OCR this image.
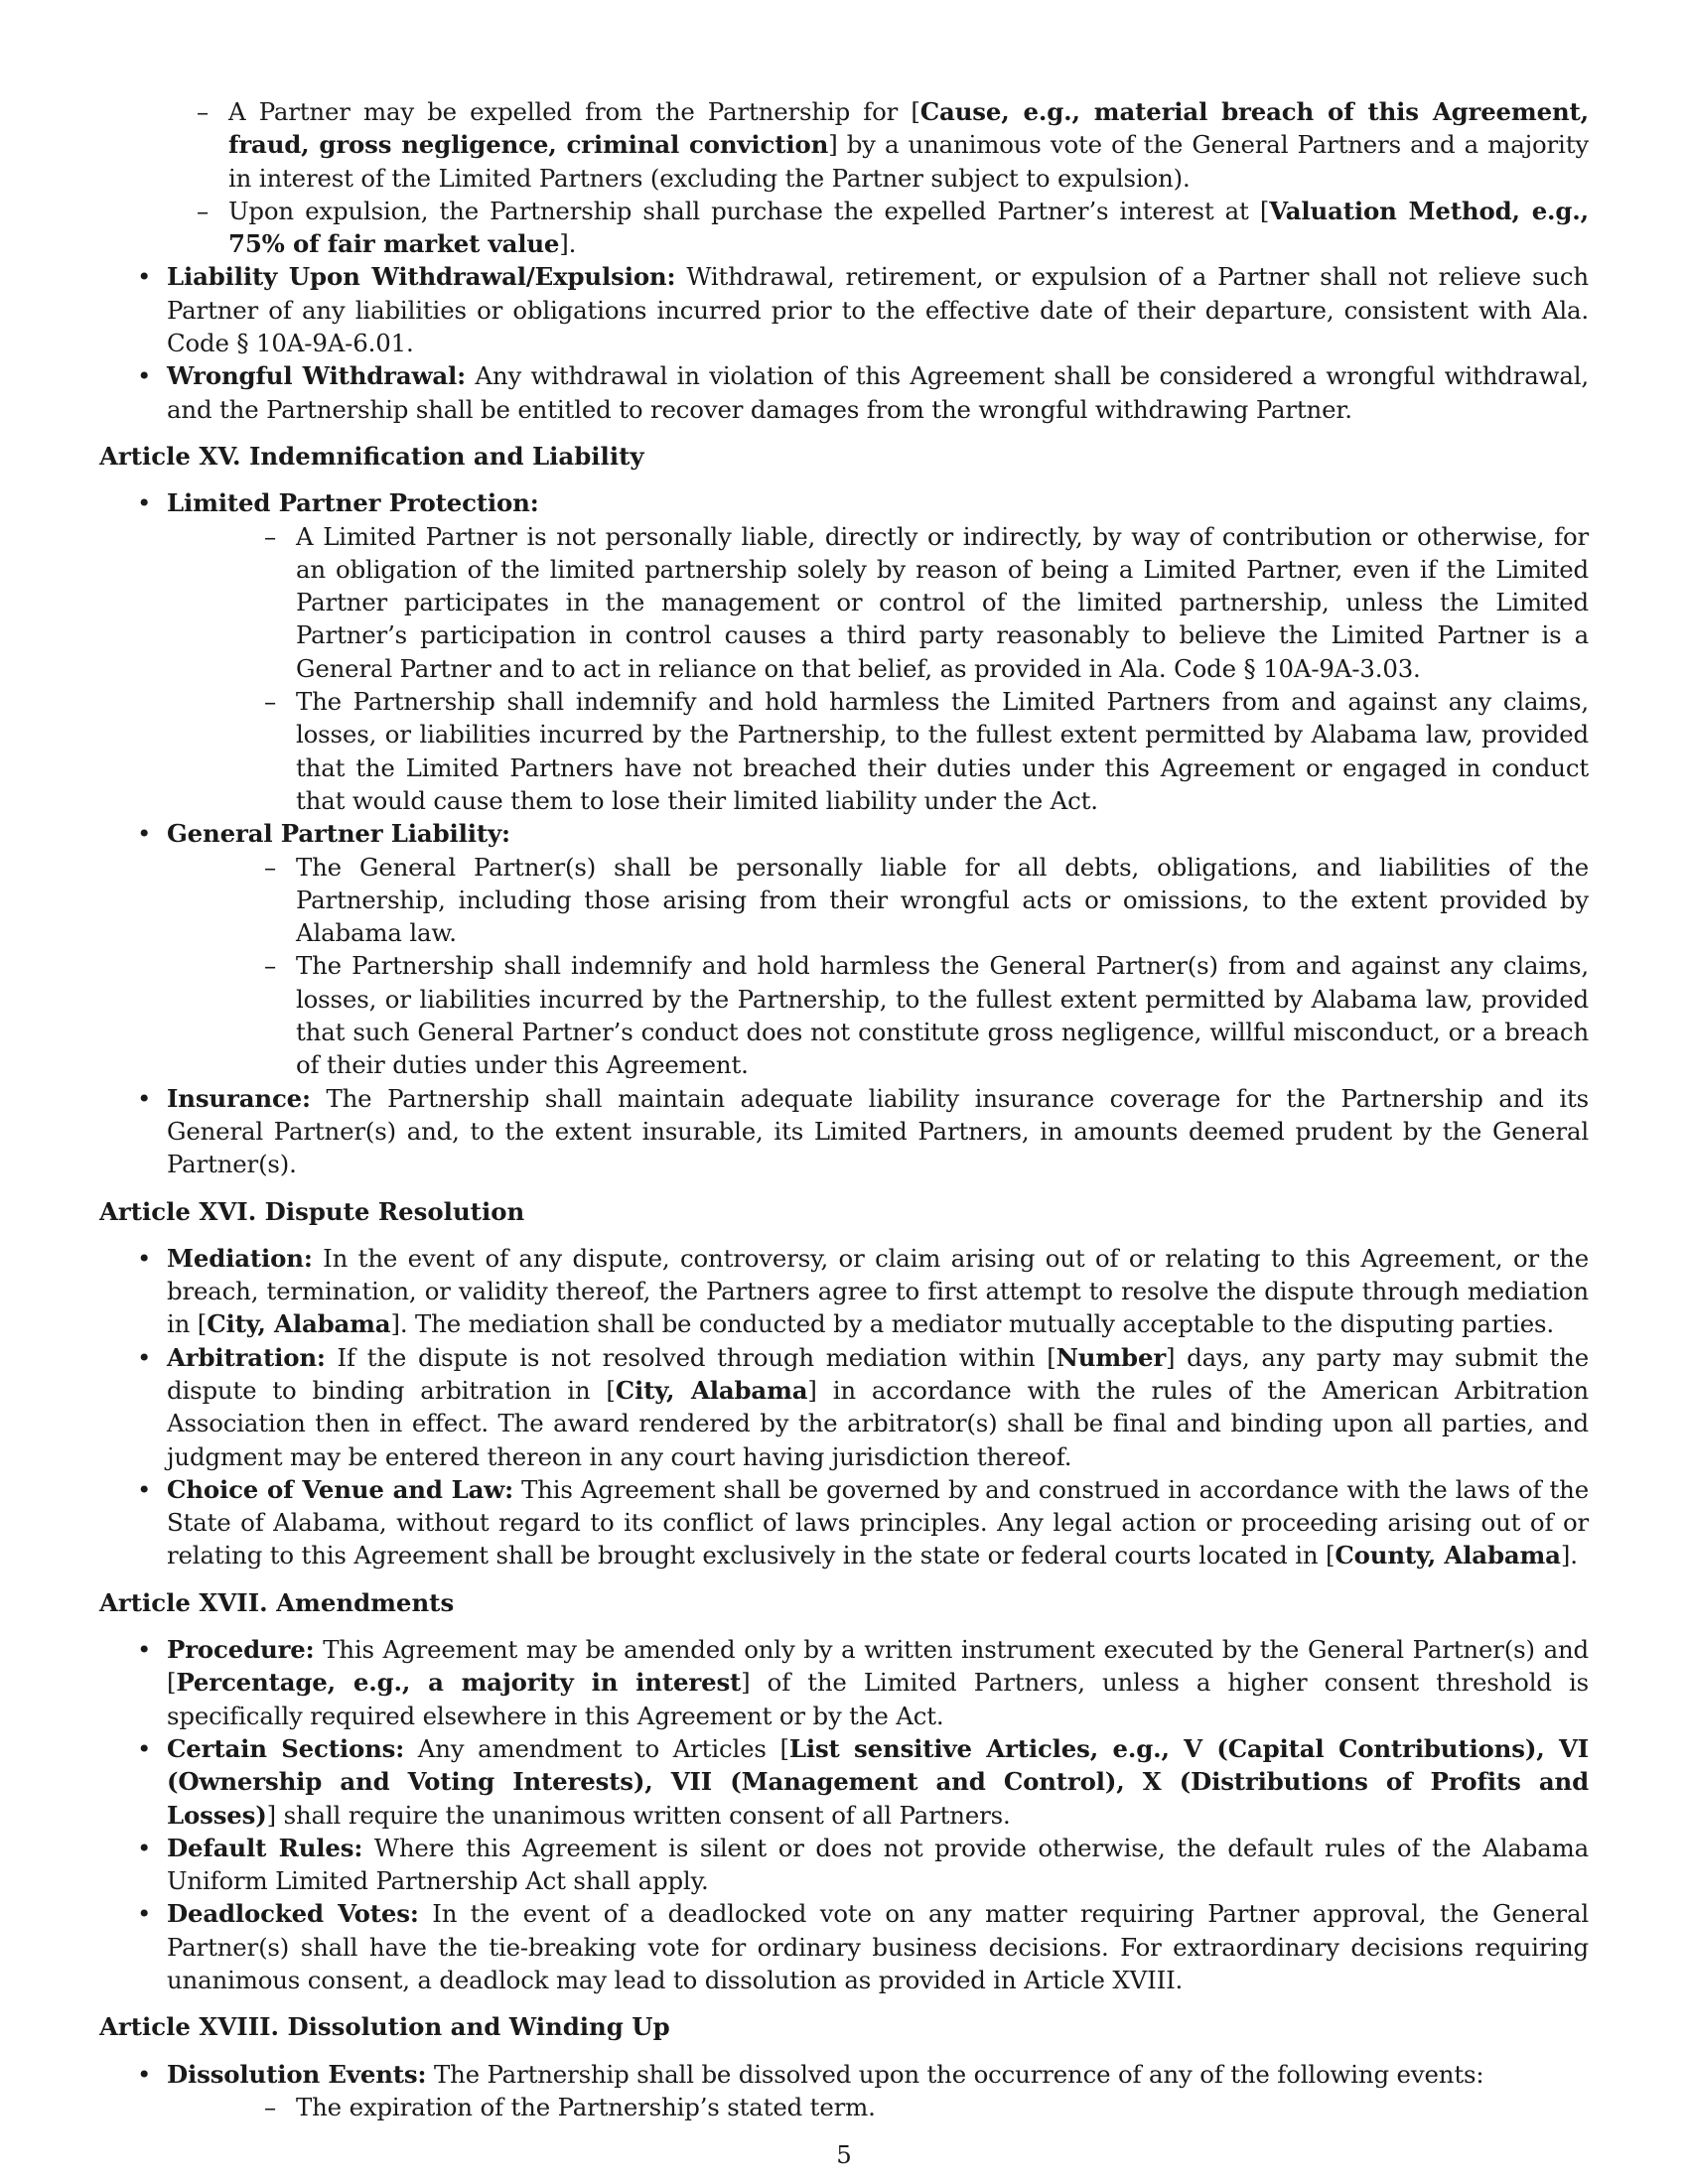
– A Partner may be expelled from the Partnership for [Cause, e.g., material breach of this Agreement, fraud, gross negligence, criminal conviction] by a unanimous vote of the General Partners and a majority in interest of the Limited Partners (excluding the Partner subject to expulsion).
– Upon expulsion, the Partnership shall purchase the expelled Partner’s interest at [Valuation Method, e.g., 75% of fair market value].
• Liability Upon Withdrawal/Expulsion: Withdrawal, retirement, or expulsion of a Partner shall not relieve such Partner of any liabilities or obligations incurred prior to the effective date of their departure, consistent with Ala. Code § 10A-9A-6.01.
• Wrongful Withdrawal: Any withdrawal in violation of this Agreement shall be considered a wrongful withdrawal, and the Partnership shall be entitled to recover damages from the wrongful withdrawing Partner.
Article XV. Indemnification and Liability
• Limited Partner Protection:
– A Limited Partner is not personally liable, directly or indirectly, by way of contribution or otherwise, for an obligation of the limited partnership solely by reason of being a Limited Partner, even if the Limited Partner participates in the management or control of the limited partnership, unless the Limited Partner’s participation in control causes a third party reasonably to believe the Limited Partner is a General Partner and to act in reliance on that belief, as provided in Ala. Code § 10A-9A-3.03.
– The Partnership shall indemnify and hold harmless the Limited Partners from and against any claims, losses, or liabilities incurred by the Partnership, to the fullest extent permitted by Alabama law, provided that the Limited Partners have not breached their duties under this Agreement or engaged in conduct that would cause them to lose their limited liability under the Act.
• General Partner Liability:
– The General Partner(s) shall be personally liable for all debts, obligations, and liabilities of the Partnership, including those arising from their wrongful acts or omissions, to the extent provided by Alabama law.
– The Partnership shall indemnify and hold harmless the General Partner(s) from and against any claims, losses, or liabilities incurred by the Partnership, to the fullest extent permitted by Alabama law, provided that such General Partner’s conduct does not constitute gross negligence, willful misconduct, or a breach of their duties under this Agreement.
• Insurance: The Partnership shall maintain adequate liability insurance coverage for the Partnership and its General Partner(s) and, to the extent insurable, its Limited Partners, in amounts deemed prudent by the General Partner(s).
Article XVI. Dispute Resolution
• Mediation: In the event of any dispute, controversy, or claim arising out of or relating to this Agreement, or the breach, termination, or validity thereof, the Partners agree to first attempt to resolve the dispute through mediation in [City, Alabama]. The mediation shall be conducted by a mediator mutually acceptable to the disputing parties.
• Arbitration: If the dispute is not resolved through mediation within [Number] days, any party may submit the dispute to binding arbitration in [City, Alabama] in accordance with the rules of the American Arbitration Association then in effect. The award rendered by the arbitrator(s) shall be final and binding upon all parties, and judgment may be entered thereon in any court having jurisdiction thereof.
• Choice of Venue and Law: This Agreement shall be governed by and construed in accordance with the laws of the State of Alabama, without regard to its conflict of laws principles. Any legal action or proceeding arising out of or relating to this Agreement shall be brought exclusively in the state or federal courts located in [County, Alabama].
Article XVII. Amendments
• Procedure: This Agreement may be amended only by a written instrument executed by the General Partner(s) and [Percentage, e.g., a majority in interest] of the Limited Partners, unless a higher consent threshold is specifically required elsewhere in this Agreement or by the Act.
• Certain Sections: Any amendment to Articles [List sensitive Articles, e.g., V (Capital Contributions), VI (Ownership and Voting Interests), VII (Management and Control), X (Distributions of Profits and Losses)] shall require the unanimous written consent of all Partners.
• Default Rules: Where this Agreement is silent or does not provide otherwise, the default rules of the Alabama Uniform Limited Partnership Act shall apply.
• Deadlocked Votes: In the event of a deadlocked vote on any matter requiring Partner approval, the General Partner(s) shall have the tie-breaking vote for ordinary business decisions. For extraordinary decisions requiring unanimous consent, a deadlock may lead to dissolution as provided in Article XVIII.
Article XVIII. Dissolution and Winding Up
• Dissolution Events: The Partnership shall be dissolved upon the occurrence of any of the following events:
– The expiration of the Partnership’s stated term.
5
